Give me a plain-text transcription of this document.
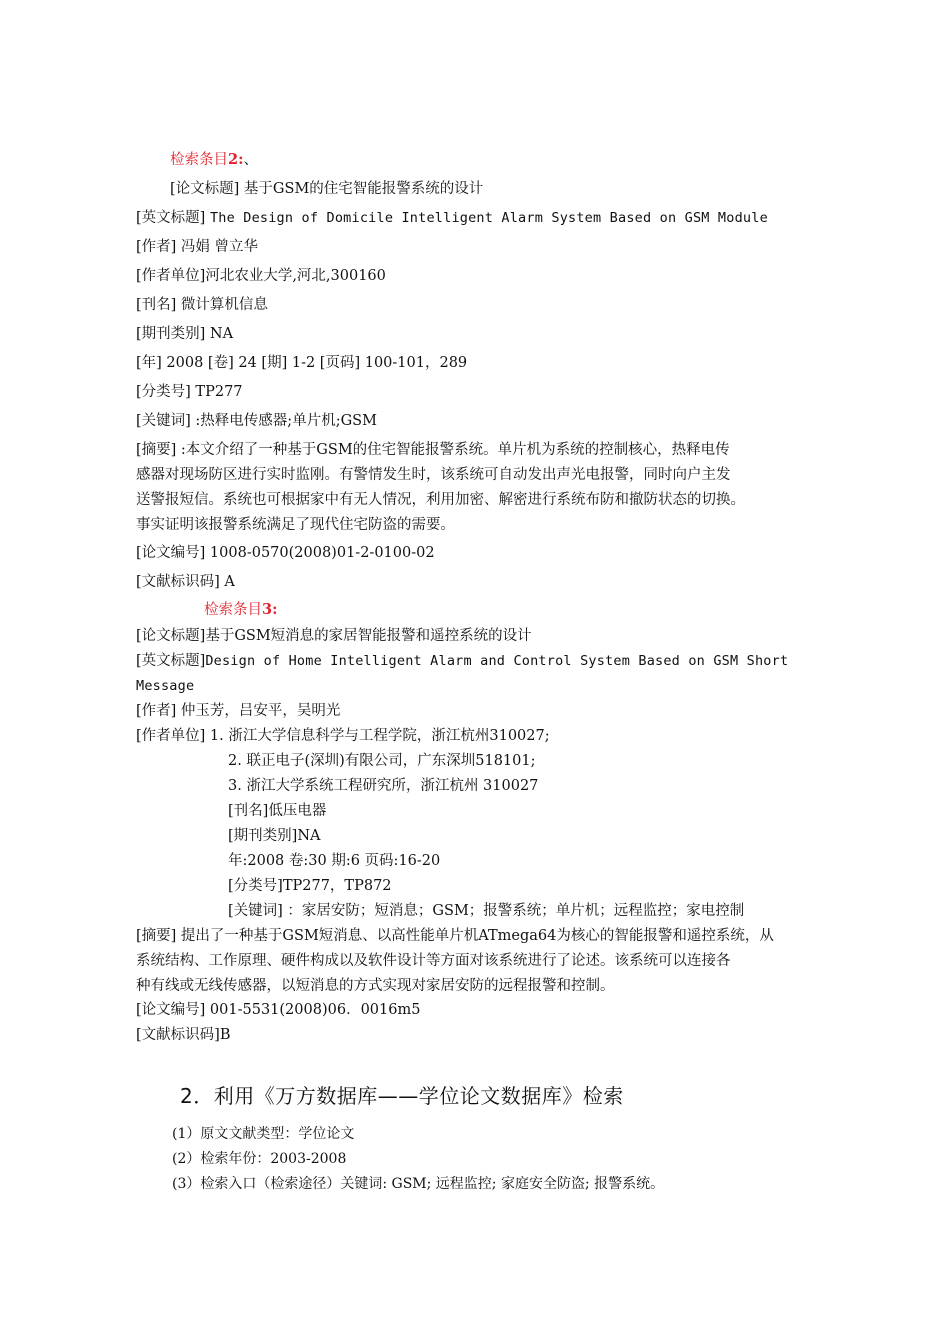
检索条目2:、
[论文标题] 基于GSM的住宅智能报警系统的设计
[英文标题] The Design of Domicile Intelligent Alarm System Based on GSM Module
[作者] 冯娟 曾立华
[作者单位]河北农业大学,河北,300160
[刊名] 微计算机信息
[期刊类别] NA
[年] 2008 [卷] 24 [期] 1-2 [页码] 100-101，289
[分类号] TP277
[关键词] :热释电传感器;单片机;GSM
[摘要] :本文介绍了一种基于GSM的住宅智能报警系统。单片机为系统的控制核心，热释电传
感器对现场防区进行实时监刚。有警情发生时，该系统可自动发出声光电报警，同时向户主发
送警报短信。系统也可根据家中有无人情况，利用加密、解密进行系统布防和撤防状态的切换。
事实证明该报警系统满足了现代住宅防盗的需要。
[论文编号] 1008-0570(2008)01-2-0100-02
[文献标识码] A
检索条目3:
[论文标题]基于GSM短消息的家居智能报警和遥控系统的设计
[英文标题]Design of Home Intelligent Alarm and Control System Based on GSM Short
Message
[作者] 仲玉芳，吕安平，吴明光
[作者单位] 1. 浙江大学信息科学与工程学院，浙江杭州310027;
2. 联正电子(深圳)有限公司，广东深圳518101;
3. 浙江大学系统工程研究所，浙江杭州 310027
[刊名]低压电器
[期刊类别]NA
年:2008 卷:30 期:6 页码:16-20
[分类号]TP277，TP872
[关键词] ：家居安防；短消息；GSM；报警系统；单片机；远程监控；家电控制
[摘要] 提出了一种基于GSM短消息、以高性能单片机ATmega64为核心的智能报警和遥控系统，从
系统结构、工作原理、硬件构成以及软件设计等方面对该系统进行了论述。该系统可以连接各
种有线或无线传感器，以短消息的方式实现对家居安防的远程报警和控制。
[论文编号] 001-5531(2008)06．0016m5
[文献标识码]B
2．利用《万方数据库——学位论文数据库》检索
(1）原文文献类型：学位论文
(2）检索年份：2003-2008
(3）检索入口（检索途径）关键词: GSM; 远程监控; 家庭安全防盗; 报警系统。
